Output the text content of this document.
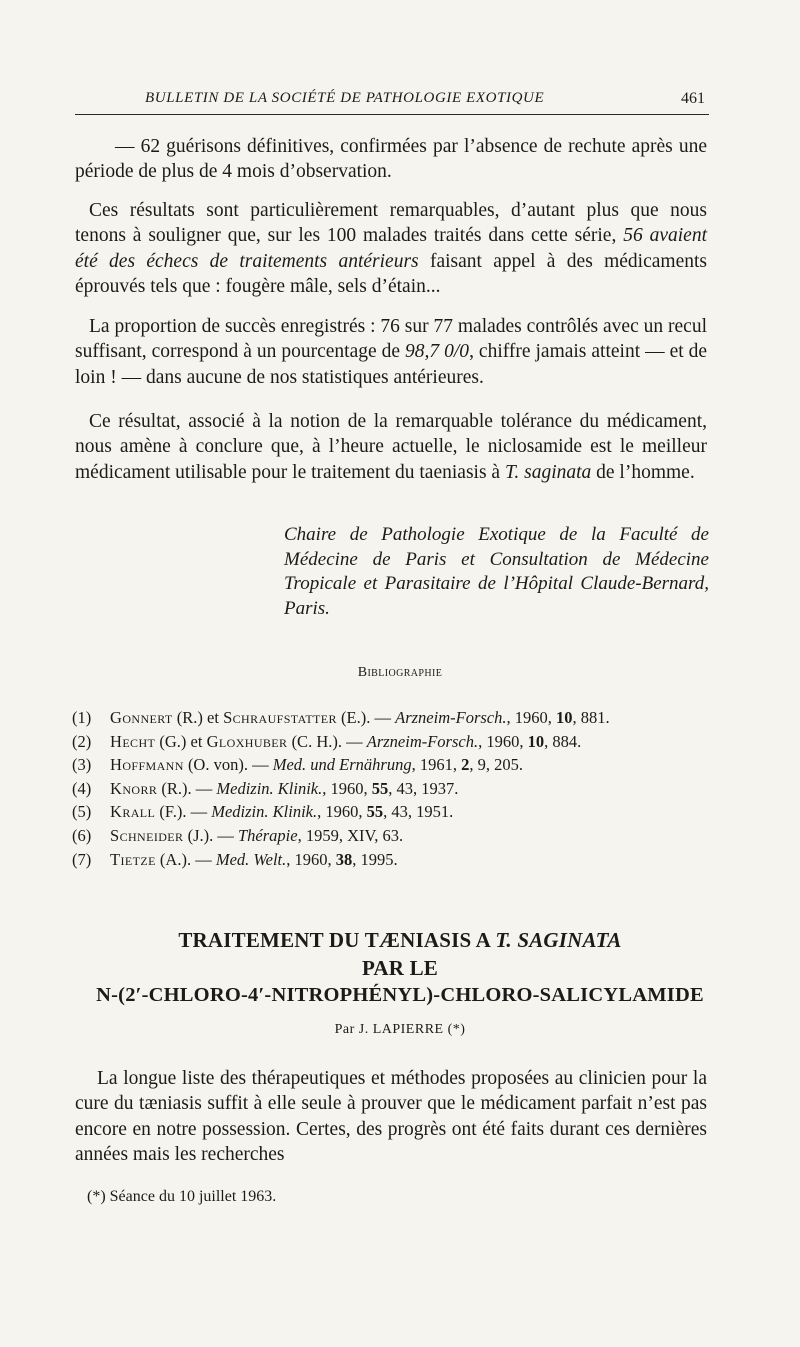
BULLETIN DE LA SOCIÉTÉ DE PATHOLOGIE EXOTIQUE	461

— 62 guérisons définitives, confirmées par l’absence de rechute après une période de plus de 4 mois d’observation.

Ces résultats sont particulièrement remarquables, d’autant plus que nous tenons à souligner que, sur les 100 malades traités dans cette série, 56 avaient été des échecs de traitements antérieurs faisant appel à des médicaments éprouvés tels que : fougère mâle, sels d’étain...

La proportion de succès enregistrés : 76 sur 77 malades contrôlés avec un recul suffisant, correspond à un pourcentage de 98,7 0/0, chiffre jamais atteint — et de loin ! — dans aucune de nos statistiques antérieures.

Ce résultat, associé à la notion de la remarquable tolérance du médicament, nous amène à conclure que, à l’heure actuelle, le niclosamide est le meilleur médicament utilisable pour le traitement du taeniasis à T. saginata de l’homme.

Chaire de Pathologie Exotique de la Faculté de Médecine de Paris et Consultation de Médecine Tropicale et Parasitaire de l’Hôpital Claude-Bernard, Paris.
Bibliographie

(1) Gonnert (R.) et Schraufstatter (E.). — Arzneim-Forsch., 1960, 10, 881.

(2) Hecht (G.) et Gloxhuber (C. H.). — Arzneim-Forsch., 1960, 10, 884.

(3) Hoffmann (O. von). — Med. und Ernährung, 1961, 2, 9, 205.

(4) Knorr (R.). — Medizin. Klinik., 1960, 55, 43, 1937.

(5) Krall (F.). — Medizin. Klinik., 1960, 55, 43, 1951.

(6) Schneider (J.). — Thérapie, 1959, XIV, 63.

(7) Tietze (A.). — Med. Welt., 1960, 38, 1995.

TRAITEMENT DU TÆNIASIS A T. SAGINATA

PAR LE

N-(2′-CHLORO-4′-NITROPHÉNYL)-CHLORO-SALICYLAMIDE

Par J. LAPIERRE (*)

La longue liste des thérapeutiques et méthodes proposées au clinicien pour la cure du tæniasis suffit à elle seule à prouver que le médicament parfait n’est pas encore en notre possession. Certes, des progrès ont été faits durant ces dernières années mais les recherches

(*) Séance du 10 juillet 1963.
